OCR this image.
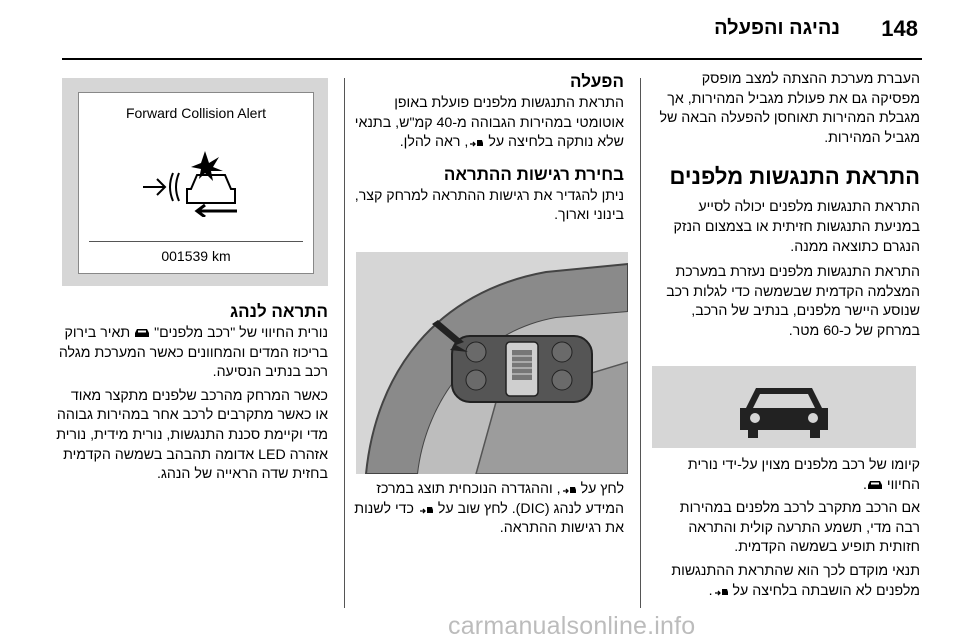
148
נהיגה והפעלה

העברת מערכת ההצתה למצב מופסק מפסיקה גם את פעולת מגביל המהירות, אך מגבלת המהירות תאוחסן להפעלה הבאה של מגביל המהירות.

התראת התנגשות מלפנים

התראת התנגשות מלפנים יכולה לסייע במניעת התנגשות חזיתית או בצמצום הנזק הנגרם כתוצאה ממנה.

התראת התנגשות מלפנים נעזרת במערכת המצלמה הקדמית שבשמשה כדי לגלות רכב שנוסע היישר מלפנים, בנתיב של הרכב, במרחק של כ-60 מטר.

קיומו של רכב מלפנים מצוין על-ידי נורית החיווי .

אם הרכב מתקרב לרכב מלפנים במהירות רבה מדי, תשמע התרעה קולית והתראה חזותית תופיע בשמשה הקדמית.

תנאי מוקדם לכך הוא שהתראת ההתנגשות מלפנים לא הושבתה בלחיצה על .

הפעלה

התראת התנגשות מלפנים פועלת באופן אוטומטי במהירות הגבוהה מ-40 קמ"ש, בתנאי שלא נותקה בלחיצה על , ראה להלן.

בחירת רגישות ההתראה

ניתן להגדיר את רגישות ההתראה למרחק קצר, בינוני וארוך.

לחץ על , וההגדרה הנוכחית תוצג במרכז המידע לנהג (DIC). לחץ שוב על  כדי לשנות את רגישות ההתראה.

Forward Collision Alert
001539 km
התראה לנהג

נורית החיווי של "רכב מלפנים"  תאיר בירוק בריכוז המדים והמחוונים כאשר המערכת מגלה רכב בנתיב הנסיעה.

כאשר המרחק מהרכב שלפנים מתקצר מאוד או כאשר מתקרבים לרכב אחר במהירות גבוהה מדי וקיימת סכנת התנגשות, נורית מידית, נורית אזהרה LED אדומה תהבהב בשמשה הקדמית בחזית שדה הראייה של הנהג.

carmanualsonline.info
